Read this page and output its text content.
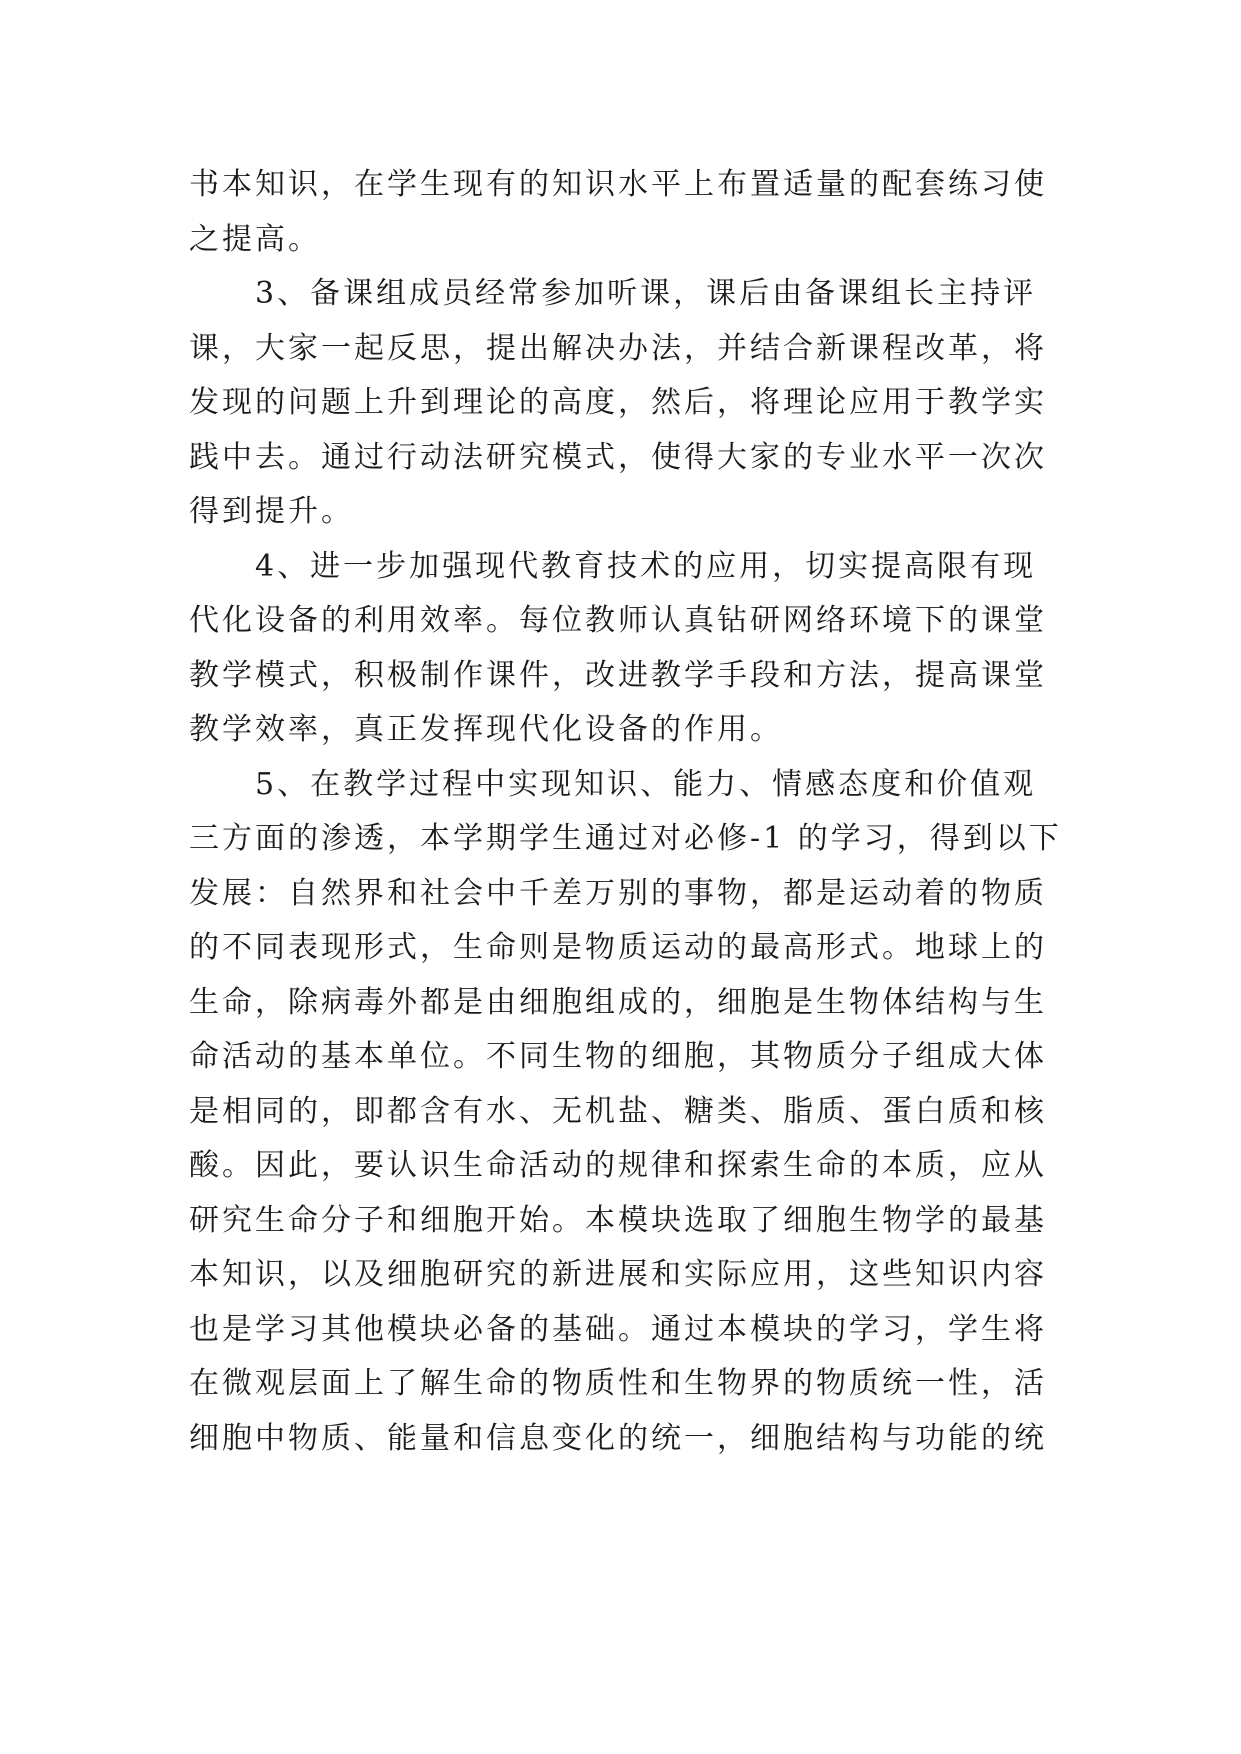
书本知识，在学生现有的知识水平上布置适量的配套练习使
之提高。
3、备课组成员经常参加听课，课后由备课组长主持评
课，大家一起反思，提出解决办法，并结合新课程改革，将
发现的问题上升到理论的高度，然后，将理论应用于教学实
践中去。通过行动法研究模式，使得大家的专业水平一次次
得到提升。
4、进一步加强现代教育技术的应用，切实提高限有现
代化设备的利用效率。每位教师认真钻研网络环境下的课堂
教学模式，积极制作课件，改进教学手段和方法，提高课堂
教学效率，真正发挥现代化设备的作用。
5、在教学过程中实现知识、能力、情感态度和价值观
三方面的渗透，本学期学生通过对必修-1 的学习，得到以下
发展：自然界和社会中千差万别的事物，都是运动着的物质
的不同表现形式，生命则是物质运动的最高形式。地球上的
生命，除病毒外都是由细胞组成的，细胞是生物体结构与生
命活动的基本单位。不同生物的细胞，其物质分子组成大体
是相同的，即都含有水、无机盐、糖类、脂质、蛋白质和核
酸。因此，要认识生命活动的规律和探索生命的本质，应从
研究生命分子和细胞开始。本模块选取了细胞生物学的最基
本知识，以及细胞研究的新进展和实际应用，这些知识内容
也是学习其他模块必备的基础。通过本模块的学习，学生将
在微观层面上了解生命的物质性和生物界的物质统一性，活
细胞中物质、能量和信息变化的统一，细胞结构与功能的统
